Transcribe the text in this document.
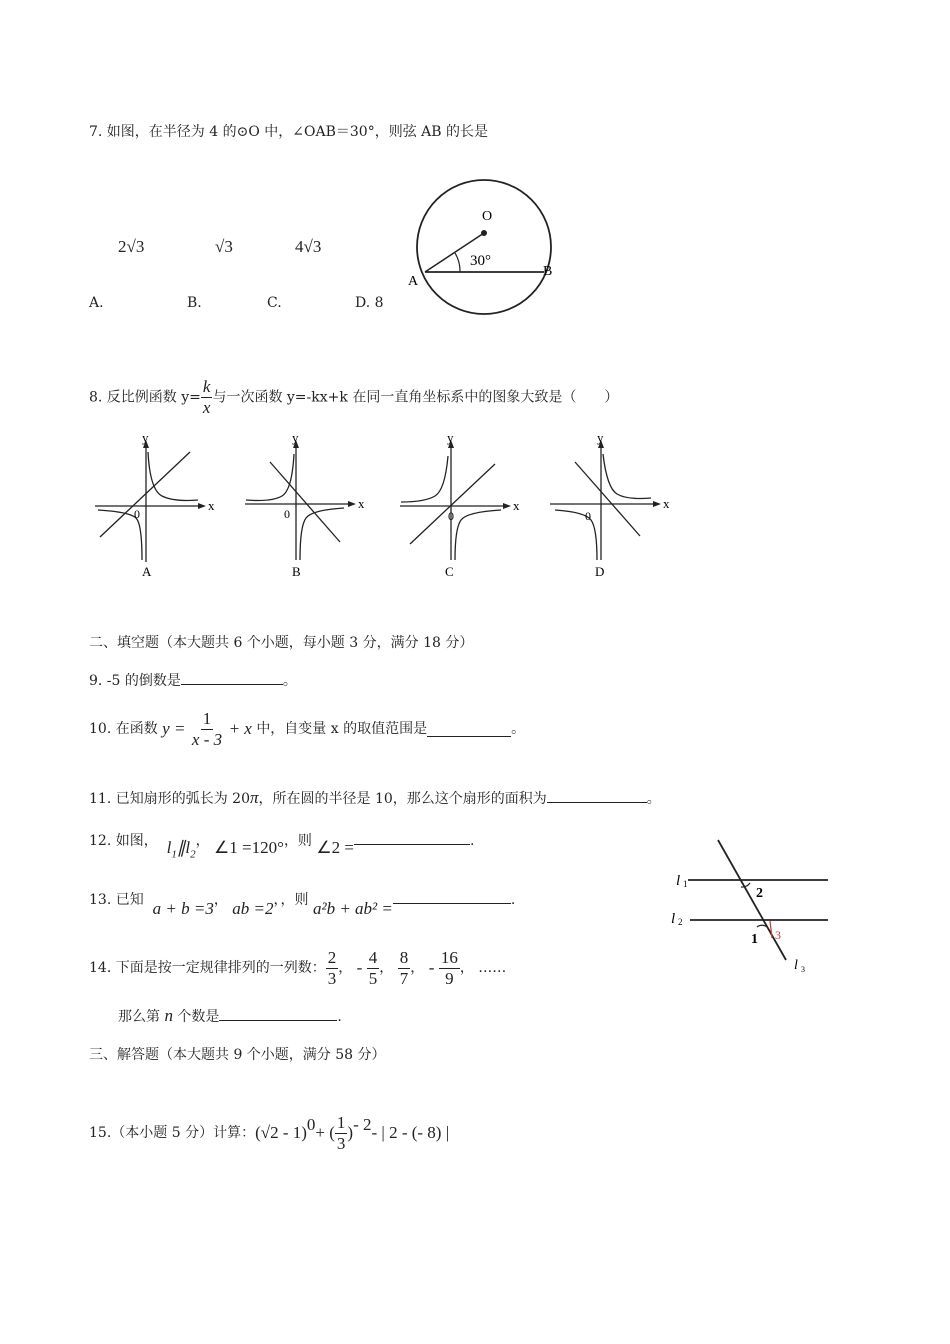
7. 如图，在半径为 4 的⊙O 中，∠OAB＝30°，则弦 AB 的长是
2√3	√3	4√3
A.	B.	C.	D. 8
O
A
B
30°
8. 反比例函数 $y= \frac{k}{x}$ 与一次函数 y=-kx+k 在同一直角坐标系中的图象大致是（　　）
y
x
0
A
y
x
0
B
y
x
0
C
y
x
0
D
二、填空题（本大题共 6 个小题，每小题 3 分，满分 18 分）
9. -5 的倒数是	。
10. 在函数
y =
$\frac{1}{x - 3}$
+ x
中，自变量 x 的取值范围是	。
11. 已知扇形的弧长为 20π，所在圆的半径是 10，那么这个扇形的面积为	。
12. 如图， $l_1\parallel l_2$， ∠1 =120°，则 ∠2 =	.
13. 已知 a + b =3， ab =2，，则 a²b + ab² =	.
14. 下面是按一定规律排列的一列数： $\frac{2}{3}$ ， -
$\frac{4}{5}$ ， $\frac{8}{7}$ ， -
$\frac{16}{9}$ ， ……
那么第 n 个数是	.
l 1
l 2
l 3
2
1 3
三、解答题（本大题共 9 个小题，满分 58 分）
15.（本小题 5 分）计算： (√2 - 1)$^0$ + ( $\frac{1}{3} )^{- 2}$ - | 2 - (- 8) |
